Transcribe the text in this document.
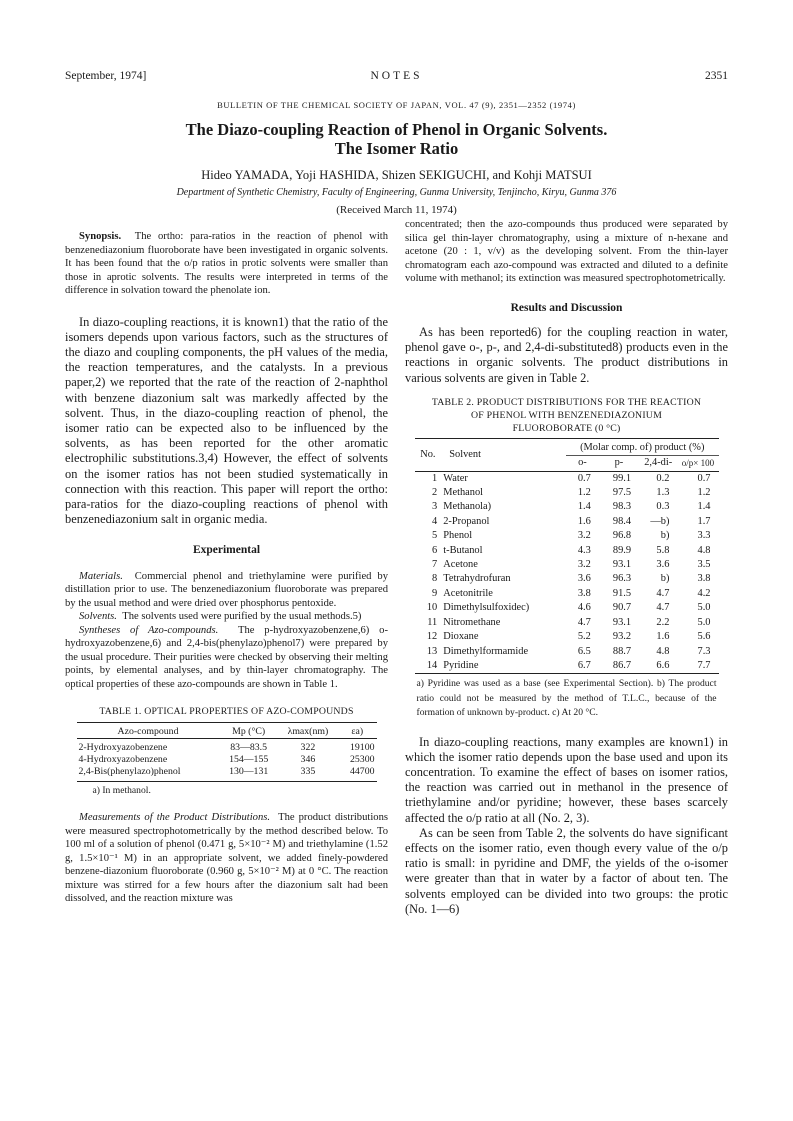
September, 1974]	NOTES	2351
BULLETIN OF THE CHEMICAL SOCIETY OF JAPAN, VOL. 47 (9), 2351—2352 (1974)
The Diazo-coupling Reaction of Phenol in Organic Solvents.
The Isomer Ratio
Hideo YAMADA, Yoji HASHIDA, Shizen SEKIGUCHI, and Kohji MATSUI
Department of Synthetic Chemistry, Faculty of Engineering, Gunma University, Tenjincho, Kiryu, Gunma 376
(Received March 11, 1974)

Synopsis. The ortho: para-ratios in the reaction of phenol with benzenediazonium fluoroborate have been investigated in organic solvents. It has been found that the o/p ratios in protic solvents were smaller than those in aprotic solvents. The results were interpreted in terms of the difference in solvation toward the phenolate ion.

In diazo-coupling reactions, it is known1) that the ratio of the isomers depends upon various factors, such as the structures of the diazo and coupling components, the pH values of the media, the reaction temperatures, and the catalysts. In a previous paper,2) we reported that the rate of the reaction of 2-naphthol with benzene diazonium salt was markedly affected by the solvent. Thus, in the diazo-coupling reaction of phenol, the isomer ratio can be expected also to be influenced by the solvents, as has been reported for the other aromatic electrophilic substitutions.3,4) However, the effect of solvents on the isomer ratios has not been studied systematically in connection with this reaction. This paper will report the ortho: para-ratios for the diazo-coupling reactions of phenol with benzenediazonium salt in organic media.

Experimental

Materials. Commercial phenol and triethylamine were purified by distillation prior to use. The benzenediazonium fluoroborate was prepared by the usual method and were dried over phosphorus pentoxide.

Solvents. The solvents used were purified by the usual methods.5)

Syntheses of Azo-compounds. The p-hydroxyazobenzene,6) o-hydroxyazobenzene,6) and 2,4-bis(phenylazo)phenol7) were prepared by the usual procedure. Their purities were checked by observing their melting points, by elemental analyses, and by thin-layer chromatography. The optical properties of these azo-compounds are shown in Table 1.

TABLE 1. OPTICAL PROPERTIES OF AZO-COMPOUNDS
Azo-compound	Mp (°C)	λmax(nm)	εa)
2-Hydroxyazobenzene	83—83.5	322	19100
4-Hydroxyazobenzene	154—155	346	25300
2,4-Bis(phenylazo)phenol	130—131	335	44700
a) In methanol.			

Measurements of the Product Distributions. The product distributions were measured spectrophotometrically by the method described below. To 100 ml of a solution of phenol (0.471 g, 5×10⁻² M) and triethylamine (1.52 g, 1.5×10⁻¹ M) in an appropriate solvent, we added finely-powdered benzene-diazonium fluoroborate (0.960 g, 5×10⁻² M) at 0 °C. The reaction mixture was stirred for a few hours after the diazonium salt had been dissolved, and the reaction mixture was

concentrated; then the azo-compounds thus produced were separated by silica gel thin-layer chromatography, using a mixture of n-hexane and acetone (20 : 1, v/v) as the developing solvent. From the thin-layer chromatogram each azo-compound was extracted and diluted to a definite volume with methanol; its extinction was measured spectrophotometrically.

Results and Discussion

As has been reported6) for the coupling reaction in water, phenol gave o-, p-, and 2,4-di-substituted8) products even in the reactions in organic solvents. The product distributions in various solvents are given in Table 2.

TABLE 2. PRODUCT DISTRIBUTIONS FOR THE REACTION
OF PHENOL WITH BENZENEDIAZONIUM
FLUOROBORATE (0 °C)
No.	Solvent	(Molar comp. of) product (%)			
		o-	p-	2,4-di-	o/p× 100
1	Water	0.7	99.1	0.2	0.7
2	Methanol	1.2	97.5	1.3	1.2
3	Methanola)	1.4	98.3	0.3	1.4
4	2-Propanol	1.6	98.4	—b)	1.7
5	Phenol	3.2	96.8	b)	3.3
6	t-Butanol	4.3	89.9	5.8	4.8
7	Acetone	3.2	93.1	3.6	3.5
8	Tetrahydrofuran	3.6	96.3	b)	3.8
9	Acetonitrile	3.8	91.5	4.7	4.2
10	Dimethylsulfoxidec)	4.6	90.7	4.7	5.0
11	Nitromethane	4.7	93.1	2.2	5.0
12	Dioxane	5.2	93.2	1.6	5.6
13	Dimethylformamide	6.5	88.7	4.8	7.3
14	Pyridine	6.7	86.7	6.6	7.7
a) Pyridine was used as a base (see Experimental Section). b) The product ratio could not be measured by the method of T.L.C., because of the formation of unknown by-product. c) At 20 °C.					

In diazo-coupling reactions, many examples are known1) in which the isomer ratio depends upon the base used and upon its concentration. To examine the effect of bases on isomer ratios, the reaction was carried out in methanol in the presence of triethylamine and/or pyridine; however, these bases scarcely affected the o/p ratio at all (No. 2, 3).

As can be seen from Table 2, the solvents do have significant effects on the isomer ratio, even though every value of the o/p ratio is small: in pyridine and DMF, the yields of the o-isomer were greater than that in water by a factor of about ten. The solvents employed can be divided into two groups: the protic (No. 1—6)
